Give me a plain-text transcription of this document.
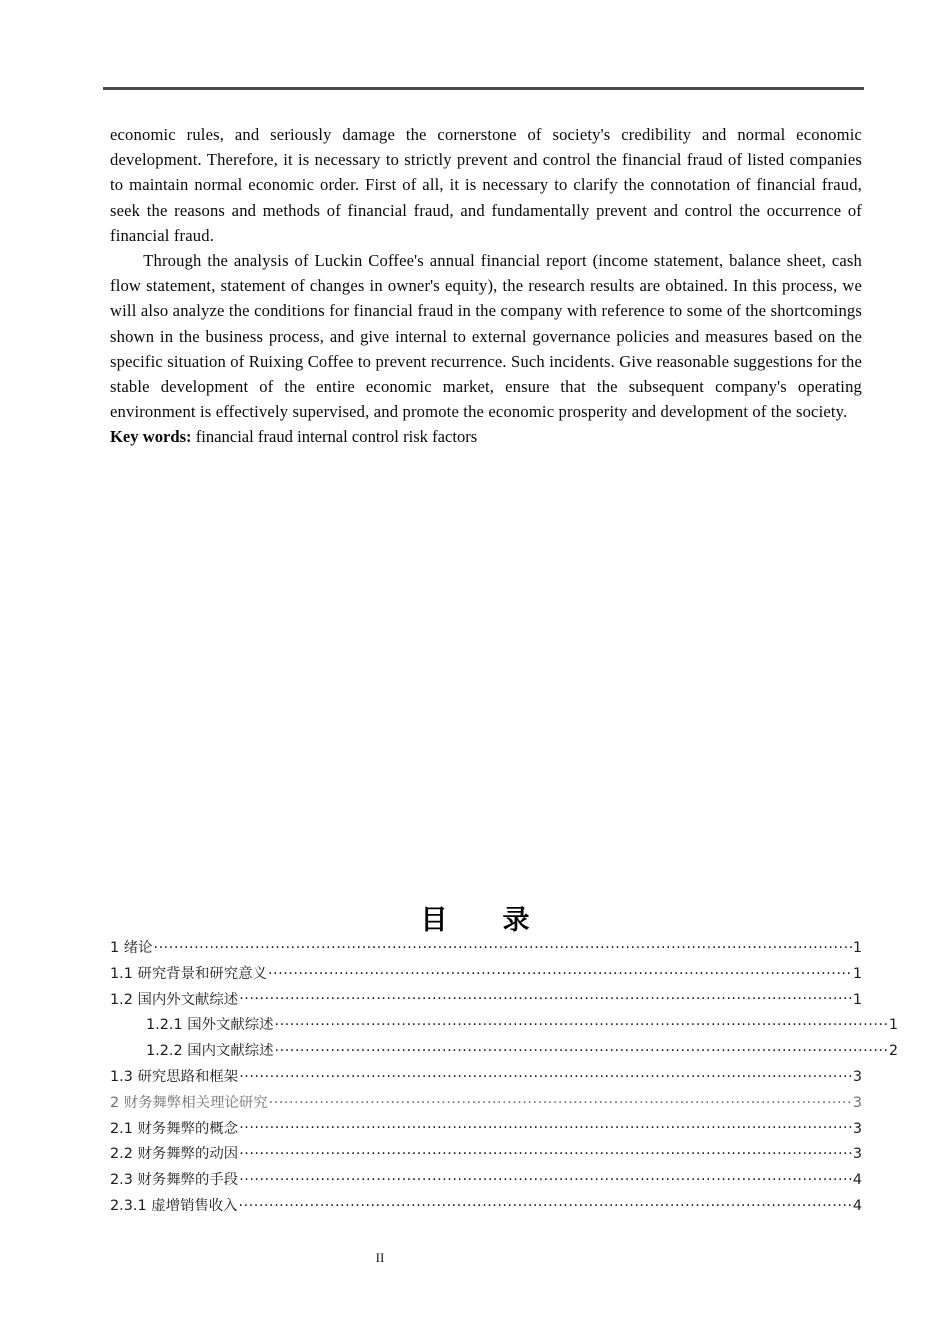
economic rules, and seriously damage the cornerstone of society's credibility and normal economic development. Therefore, it is necessary to strictly prevent and control the financial fraud of listed companies to maintain normal economic order. First of all, it is necessary to clarify the connotation of financial fraud, seek the reasons and methods of financial fraud, and fundamentally prevent and control the occurrence of financial fraud.

Through the analysis of Luckin Coffee's annual financial report (income statement, balance sheet, cash flow statement, statement of changes in owner's equity), the research results are obtained. In this process, we will also analyze the conditions for financial fraud in the company with reference to some of the shortcomings shown in the business process, and give internal to external governance policies and measures based on the specific situation of Ruixing Coffee to prevent recurrence. Such incidents. Give reasonable suggestions for the stable development of the entire economic market, ensure that the subsequent company's operating environment is effectively supervised, and promote the economic prosperity and development of the society.

Key words: financial fraud internal control risk factors

目　录
1 绪论 .....	1
1.1 研究背景和研究意义 .....	1
1.2 国内外文献综述 .....	1
1.2.1 国外文献综述 .....	1
1.2.2 国内文献综述 .....	2
1.3 研究思路和框架 .....	3
2 财务舞弊相关理论研究 .....	3
2.1 财务舞弊的概念 .....	3
2.2 财务舞弊的动因 .....	3
2.3 财务舞弊的手段 .....	4
2.3.1 虚增销售收入 .....	4
II
